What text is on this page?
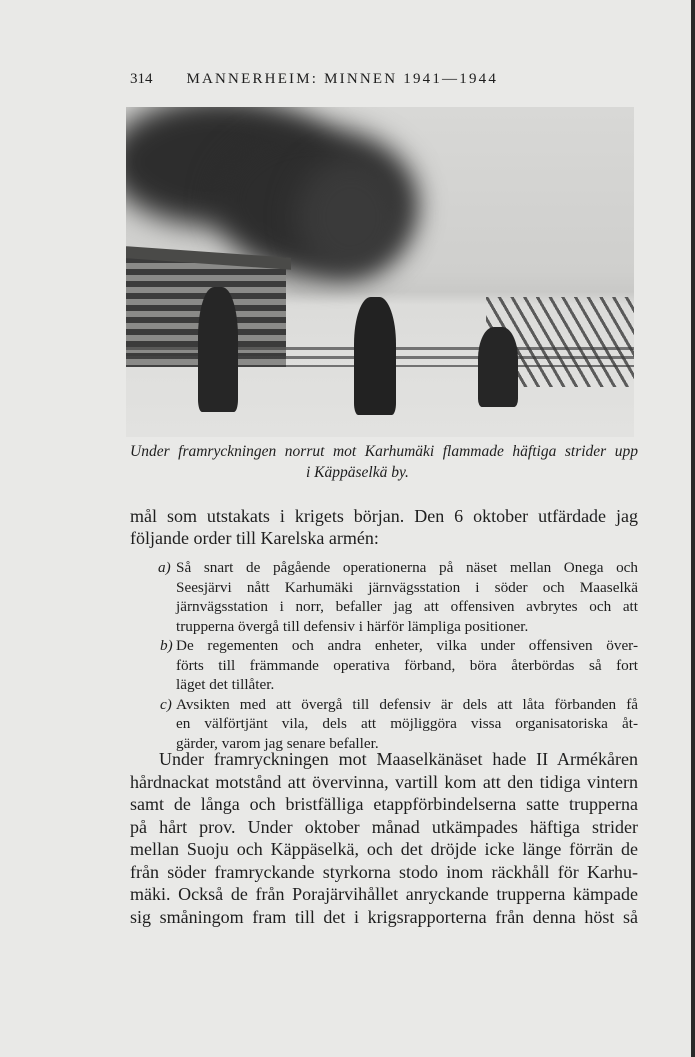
314 MANNERHEIM: MINNEN 1941—1944
Under framryckningen norrut mot Karhumäki flammade häftiga strider upp
i Käppäselkä by.
mål som utstakats i krigets början. Den 6 oktober utfärdade jag
följande order till Karelska armén:
a) Så snart de pågående operationerna på näset mellan Onega och
Seesjärvi nått Karhumäki järnvägsstation i söder och Maaselkä
järnvägsstation i norr, befaller jag att offensiven avbrytes och att
trupperna övergå till defensiv i härför lämpliga positioner.
b) De regementen och andra enheter, vilka under offensiven över-
förts till främmande operativa förband, böra återbördas så fort
läget det tillåter.
c) Avsikten med att övergå till defensiv är dels att låta förbanden få
en välförtjänt vila, dels att möjliggöra vissa organisatoriska åt-
gärder, varom jag senare befaller.
Under framryckningen mot Maaselkänäset hade II Armékåren
hårdnackat motstånd att övervinna, vartill kom att den tidiga vintern
samt de långa och bristfälliga etappförbindelserna satte trupperna
på hårt prov. Under oktober månad utkämpades häftiga strider
mellan Suoju och Käppäselkä, och det dröjde icke länge förrän de
från söder framryckande styrkorna stodo inom räckhåll för Karhu-
mäki. Också de från Porajärvihållet anryckande trupperna kämpade
sig småningom fram till det i krigsrapporterna från denna höst så
